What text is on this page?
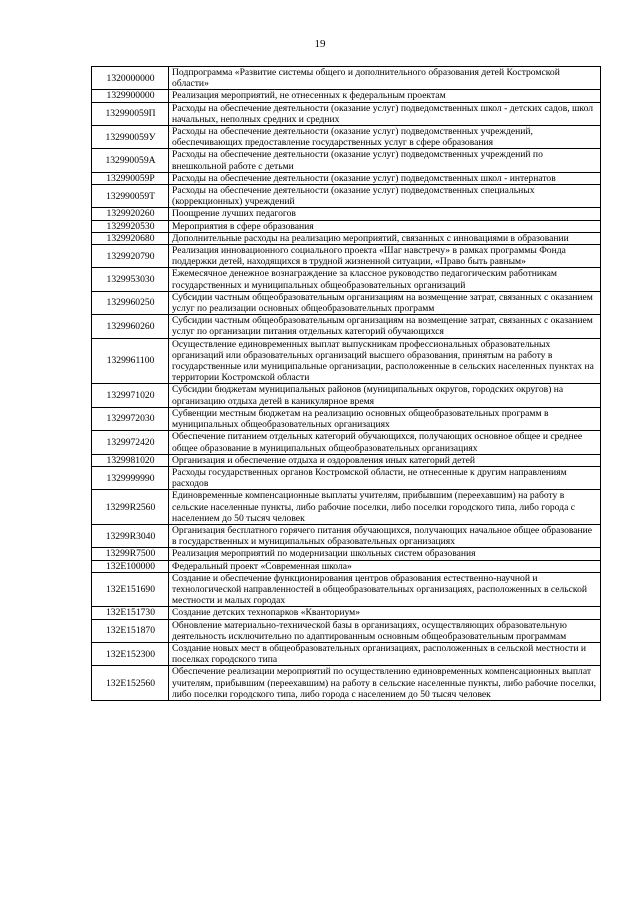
19
1320000000	Подпрограмма «Развитие системы общего и дополнительного образования детей Костромской области»
1329900000	Реализация мероприятий, не отнесенных к федеральным проектам
132990059П	Расходы на обеспечение деятельности (оказание услуг) подведомственных школ - детских садов, школ начальных, неполных средних и средних
132990059У	Расходы на обеспечение деятельности (оказание услуг) подведомственных учреждений, обеспечивающих предоставление государственных услуг в сфере образования
132990059А	Расходы на обеспечение деятельности (оказание услуг) подведомственных учреждений по внешкольной работе с детьми
132990059Р	Расходы на обеспечение деятельности (оказание услуг) подведомственных школ - интернатов
132990059Т	Расходы на обеспечение деятельности (оказание услуг) подведомственных специальных (коррекционных) учреждений
1329920260	Поощрение лучших педагогов
1329920530	Мероприятия в сфере образования
1329920680	Дополнительные расходы на реализацию мероприятий, связанных с инновациями в образовании
1329920790	Реализация инновационного социального проекта «Шаг навстречу» в рамках программы Фонда поддержки детей, находящихся в трудной жизненной ситуации, «Право быть равным»
1329953030	Ежемесячное денежное вознаграждение за классное руководство педагогическим работникам государственных и муниципальных общеобразовательных организаций
1329960250	Субсидии частным общеобразовательным организациям на возмещение затрат, связанных с оказанием услуг по реализации основных общеобразовательных программ
1329960260	Субсидии частным общеобразовательным организациям на возмещение затрат, связанных с оказанием услуг по организации питания отдельных категорий обучающихся
1329961100	Осуществление единовременных выплат выпускникам профессиональных образовательных организаций или образовательных организаций высшего образования, принятым на работу в государственные или муниципальные организации, расположенные в сельских населенных пунктах на территории Костромской области
1329971020	Субсидии бюджетам муниципальных районов (муниципальных округов, городских округов) на организацию отдыха детей в каникулярное время
1329972030	Субвенции местным бюджетам на реализацию основных общеобразовательных программ в муниципальных общеобразовательных организациях
1329972420	Обеспечение питанием отдельных категорий обучающихся, получающих основное общее и среднее общее образование в муниципальных общеобразовательных организациях
1329981020	Организация и обеспечение отдыха и оздоровления иных категорий детей
1329999990	Расходы государственных органов Костромской области, не отнесенные к другим направлениям расходов
13299R2560	Единовременные компенсационные выплаты учителям, прибывшим (переехавшим) на работу в сельские населенные пункты, либо рабочие поселки, либо поселки городского типа, либо города с населением до 50 тысяч человек
13299R3040	Организация бесплатного горячего питания обучающихся, получающих начальное общее образование в государственных и муниципальных образовательных организациях
13299R7500	Реализация мероприятий по модернизации школьных систем образования
132E100000	Федеральный проект «Современная школа»
132E151690	Создание и обеспечение функционирования центров образования естественно-научной и технологической направленностей в общеобразовательных организациях, расположенных в сельской местности и малых городах
132E151730	Создание детских технопарков «Кванториум»
132E151870	Обновление материально-технической базы в организациях, осуществляющих образовательную деятельность исключительно по адаптированным основным общеобразовательным программам
132E152300	Создание новых мест в общеобразовательных организациях, расположенных в сельской местности и поселках городского типа
132E152560	Обеспечение реализации мероприятий по осуществлению единовременных компенсационных выплат учителям, прибывшим (переехавшим) на работу в сельские населенные пункты, либо рабочие поселки, либо поселки городского типа, либо города с населением до 50 тысяч человек
